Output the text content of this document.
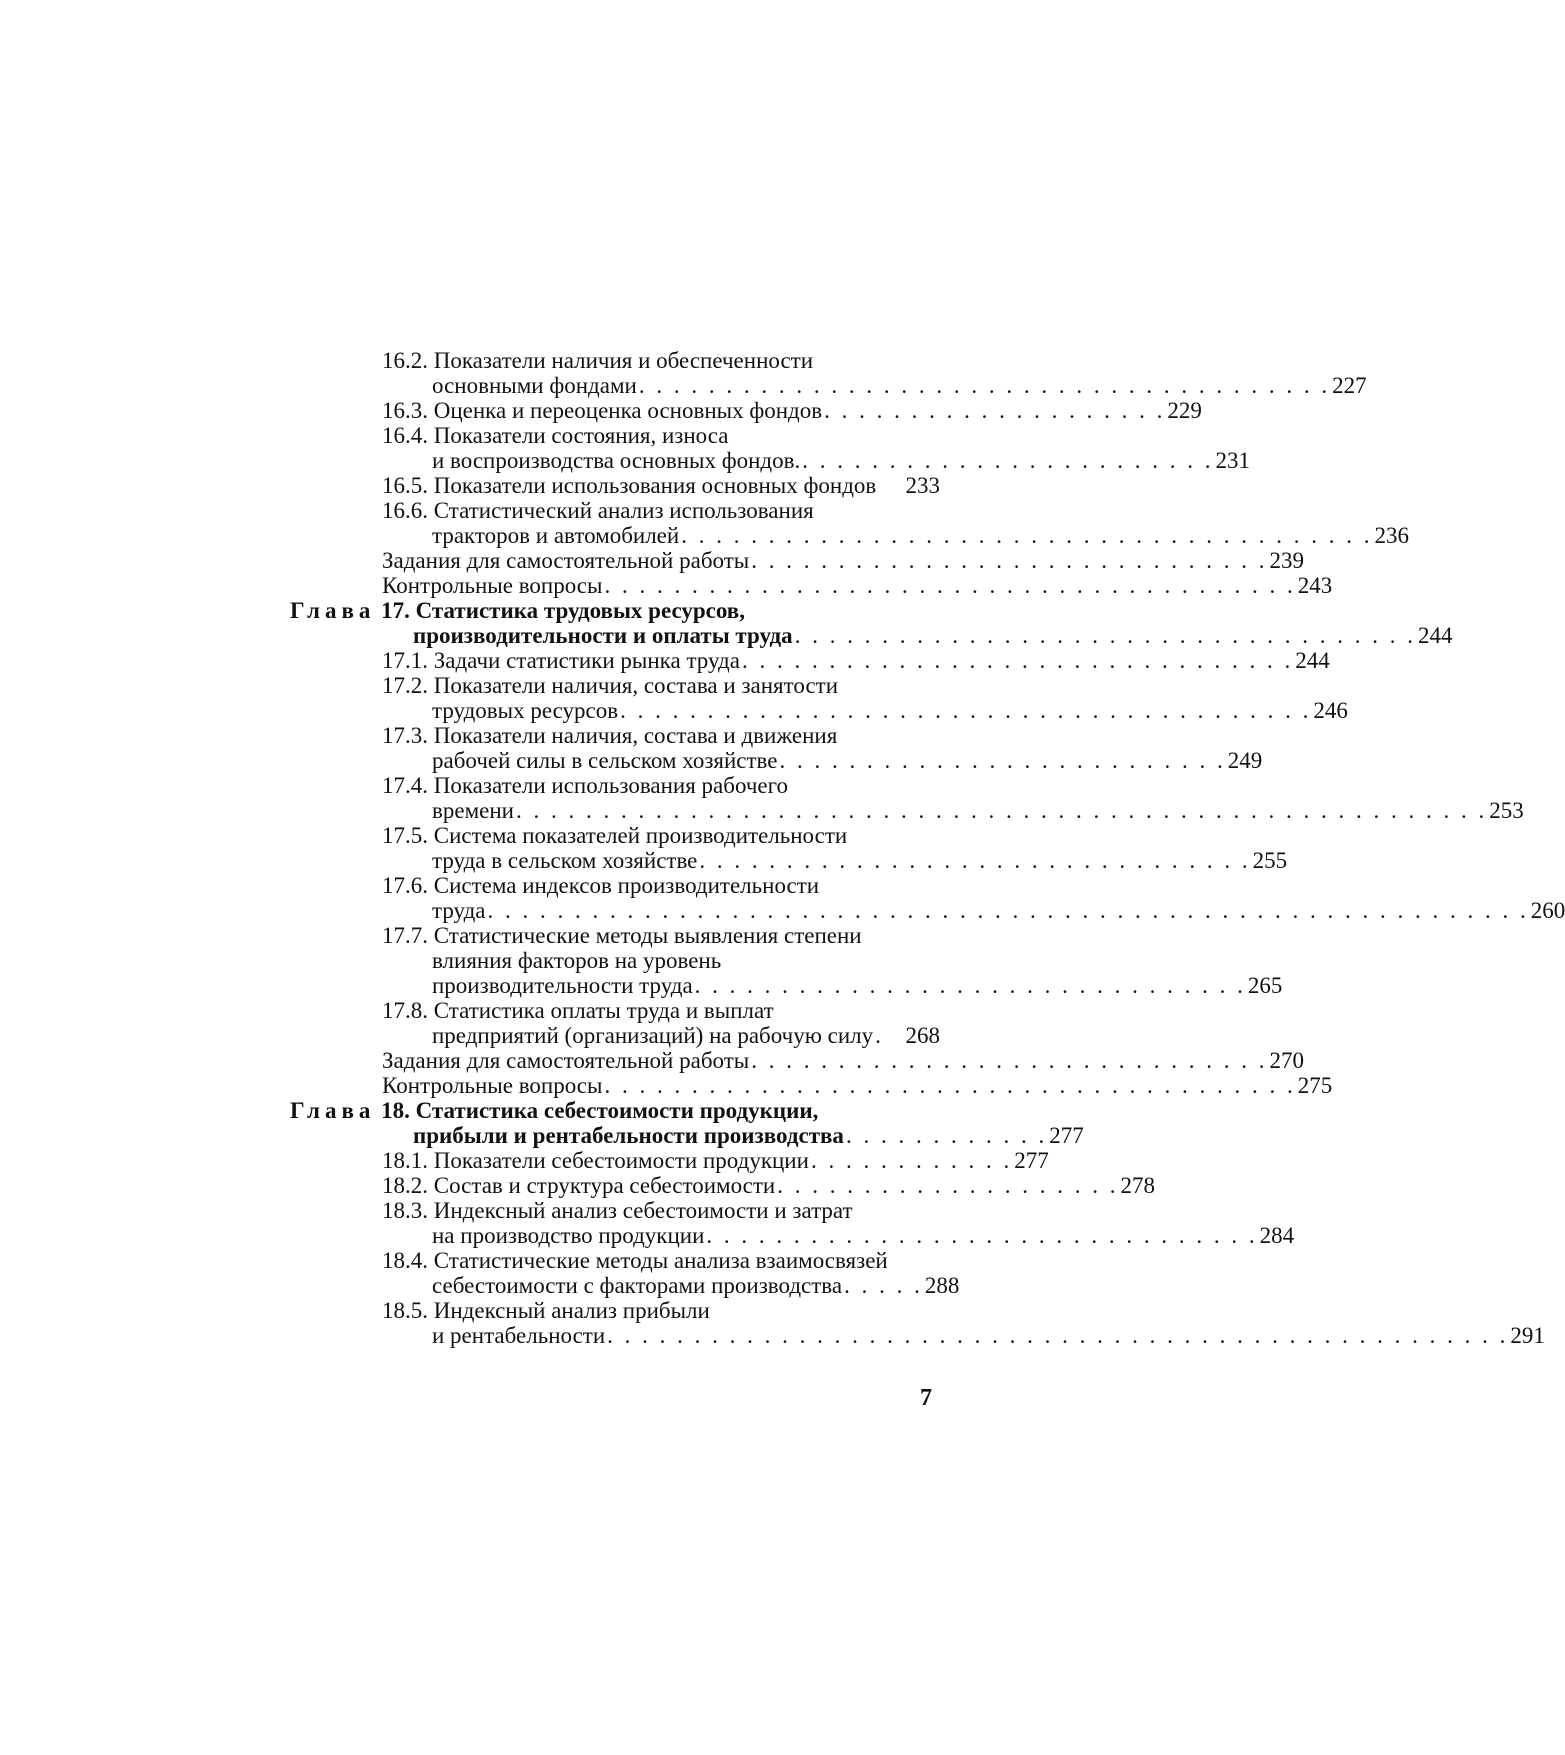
16.2. Показатели наличия и обеспеченности
основными фондами . . . . . . . . . . . . . . . . . . . . . . . . . . . . . . . . . . . . . . . . 227
16.3. Оценка и переоценка основных фондов . . . . . . . . . . . . . . . . . . . . 229
16.4. Показатели состояния, износа
и воспроизводства основных фондов. . . . . . . . . . . . . . . . . . . . . . . . . 231
16.5. Показатели использования основных фондов 233
16.6. Статистический анализ использования
тракторов и автомобилей . . . . . . . . . . . . . . . . . . . . . . . . . . . . . . . . . . . . . . . . 236
Задания для самостоятельной работы . . . . . . . . . . . . . . . . . . . . . . . . . . . . . . 239
Контрольные вопросы . . . . . . . . . . . . . . . . . . . . . . . . . . . . . . . . . . . . . . . . 243
Глава 17. Статистика трудовых ресурсов,
производительности и оплаты труда . . . . . . . . . . . . . . . . . . . . . . . . . . . . . . . . . . . . 244
17.1. Задачи статистики рынка труда . . . . . . . . . . . . . . . . . . . . . . . . . . . . . . . . 244
17.2. Показатели наличия, состава и занятости
трудовых ресурсов . . . . . . . . . . . . . . . . . . . . . . . . . . . . . . . . . . . . . . . . 246
17.3. Показатели наличия, состава и движения
рабочей силы в сельском хозяйстве . . . . . . . . . . . . . . . . . . . . . . . . . . 249
17.4. Показатели использования рабочего
времени . . . . . . . . . . . . . . . . . . . . . . . . . . . . . . . . . . . . . . . . . . . . . . . . . . . . . . . . 253
17.5. Система показателей производительности
труда в сельском хозяйстве . . . . . . . . . . . . . . . . . . . . . . . . . . . . . . . . 255
17.6. Система индексов производительности
труда . . . . . . . . . . . . . . . . . . . . . . . . . . . . . . . . . . . . . . . . . . . . . . . . . . . . . . . . . . . . 260
17.7. Статистические методы выявления степени
влияния факторов на уровень
производительности труда . . . . . . . . . . . . . . . . . . . . . . . . . . . . . . . . 265
17.8. Статистика оплаты труда и выплат
предприятий (организаций) на рабочую силу . 268
Задания для самостоятельной работы . . . . . . . . . . . . . . . . . . . . . . . . . . . . . . 270
Контрольные вопросы . . . . . . . . . . . . . . . . . . . . . . . . . . . . . . . . . . . . . . . . 275
Глава 18. Статистика себестоимости продукции,
прибыли и рентабельности производства . . . . . . . . . . . . 277
18.1. Показатели себестоимости продукции . . . . . . . . . . . . 277
18.2. Состав и структура себестоимости . . . . . . . . . . . . . . . . . . . . 278
18.3. Индексный анализ себестоимости и затрат
на производство продукции . . . . . . . . . . . . . . . . . . . . . . . . . . . . . . . . 284
18.4. Статистические методы анализа взаимосвязей
себестоимости с факторами производства . . . . . 288
18.5. Индексный анализ прибыли
и рентабельности . . . . . . . . . . . . . . . . . . . . . . . . . . . . . . . . . . . . . . . . . . . . . . . . . . . . 291
7
